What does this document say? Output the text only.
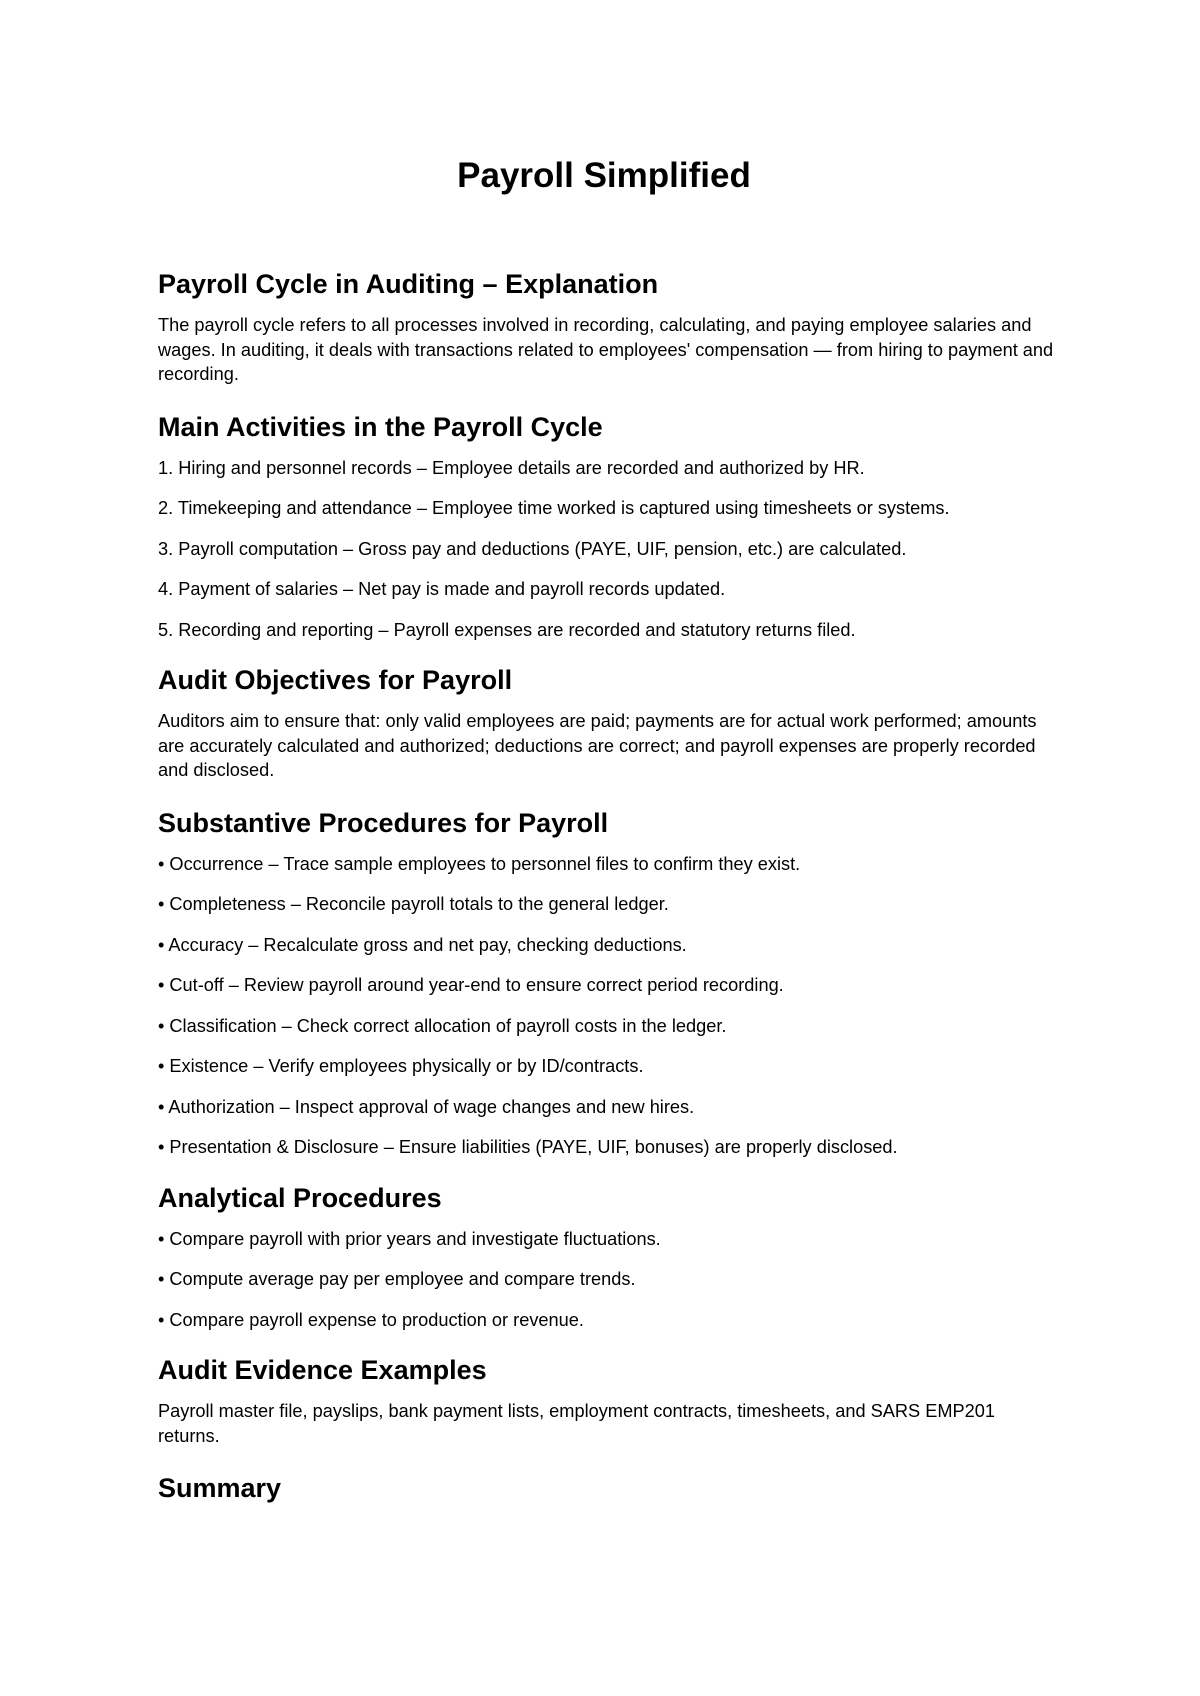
Payroll Simplified
Payroll Cycle in Auditing – Explanation

The payroll cycle refers to all processes involved in recording, calculating, and paying employee salaries and wages. In auditing, it deals with transactions related to employees' compensation — from hiring to payment and recording.

Main Activities in the Payroll Cycle

1. Hiring and personnel records – Employee details are recorded and authorized by HR.

2. Timekeeping and attendance – Employee time worked is captured using timesheets or systems.

3. Payroll computation – Gross pay and deductions (PAYE, UIF, pension, etc.) are calculated.

4. Payment of salaries – Net pay is made and payroll records updated.

5. Recording and reporting – Payroll expenses are recorded and statutory returns filed.

Audit Objectives for Payroll

Auditors aim to ensure that: only valid employees are paid; payments are for actual work performed; amounts are accurately calculated and authorized; deductions are correct; and payroll expenses are properly recorded and disclosed.

Substantive Procedures for Payroll

• Occurrence – Trace sample employees to personnel files to confirm they exist.

• Completeness – Reconcile payroll totals to the general ledger.

• Accuracy – Recalculate gross and net pay, checking deductions.

• Cut-off – Review payroll around year-end to ensure correct period recording.

• Classification – Check correct allocation of payroll costs in the ledger.

• Existence – Verify employees physically or by ID/contracts.

• Authorization – Inspect approval of wage changes and new hires.

• Presentation & Disclosure – Ensure liabilities (PAYE, UIF, bonuses) are properly disclosed.

Analytical Procedures

• Compare payroll with prior years and investigate fluctuations.

• Compute average pay per employee and compare trends.

• Compare payroll expense to production or revenue.

Audit Evidence Examples

Payroll master file, payslips, bank payment lists, employment contracts, timesheets, and SARS EMP201 returns.

Summary
